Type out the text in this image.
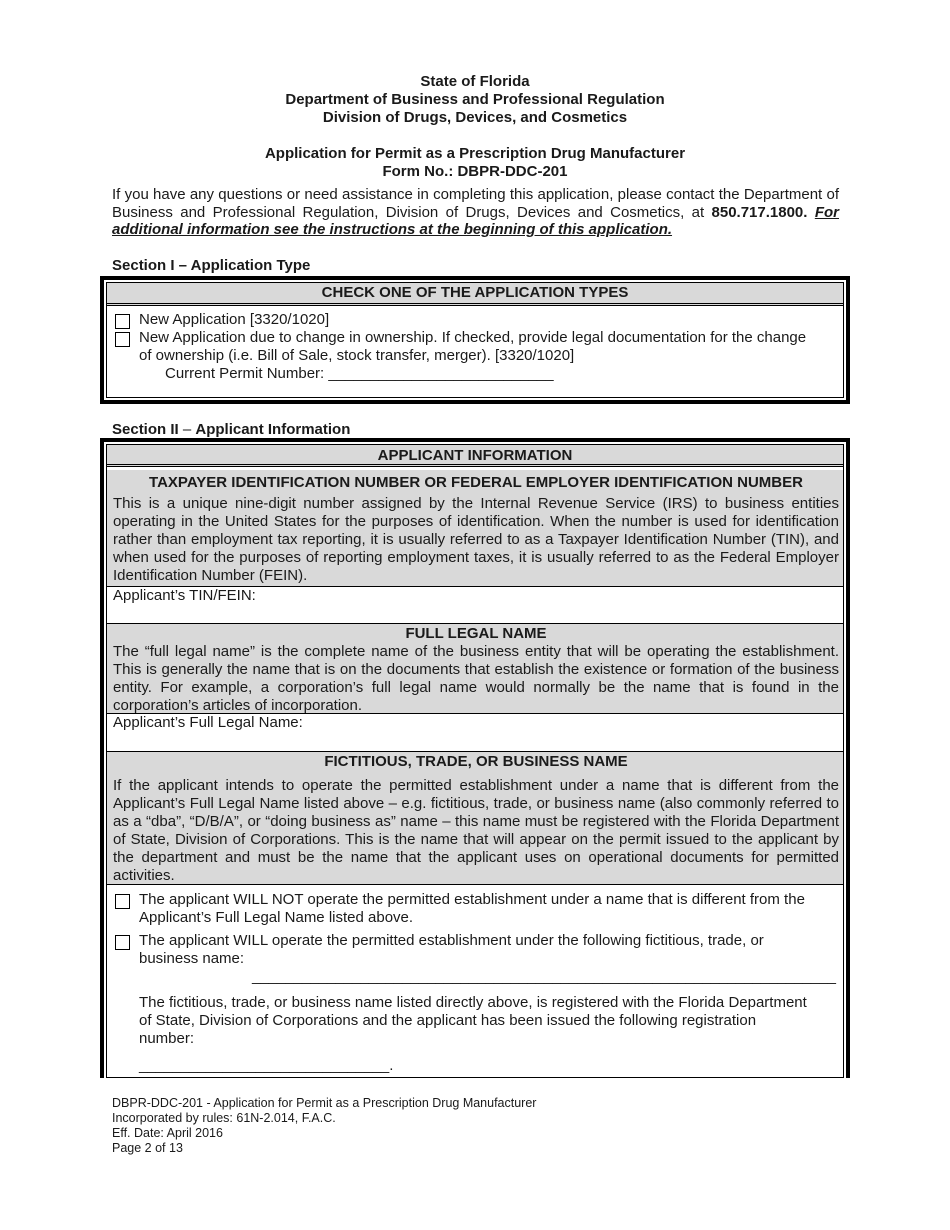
State of Florida
Department of Business and Professional Regulation
Division of Drugs, Devices, and Cosmetics
Application for Permit as a Prescription Drug Manufacturer
Form No.: DBPR-DDC-201
If you have any questions or need assistance in completing this application, please contact the Department of Business and Professional Regulation, Division of Drugs, Devices and Cosmetics, at 850.717.1800. For additional information see the instructions at the beginning of this application.
Section I – Application Type
CHECK ONE OF THE APPLICATION TYPES
New Application [3320/1020]
New Application due to change in ownership. If checked, provide legal documentation for the change
of ownership (i.e. Bill of Sale, stock transfer, merger). [3320/1020]
Current Permit Number: ___________________________
Section II – Applicant Information
APPLICANT INFORMATION

TAXPAYER IDENTIFICATION NUMBER OR FEDERAL EMPLOYER IDENTIFICATION NUMBER

This is a unique nine-digit number assigned by the Internal Revenue Service (IRS) to business entities operating in the United States for the purposes of identification. When the number is used for identification rather than employment tax reporting, it is usually referred to as a Taxpayer Identification Number (TIN), and when used for the purposes of reporting employment taxes, it is usually referred to as the Federal Employer Identification Number (FEIN).

Applicant’s TIN/FEIN:

FULL LEGAL NAME

The “full legal name” is the complete name of the business entity that will be operating the establishment. This is generally the name that is on the documents that establish the existence or formation of the business entity. For example, a corporation’s full legal name would normally be the name that is found in the corporation’s articles of incorporation.

Applicant’s Full Legal Name:

FICTITIOUS, TRADE, OR BUSINESS NAME

If the applicant intends to operate the permitted establishment under a name that is different from the Applicant’s Full Legal Name listed above – e.g. fictitious, trade, or business name (also commonly referred to as a “dba”, “D/B/A”, or “doing business as” name – this name must be registered with the Florida Department of State, Division of Corporations. This is the name that will appear on the permit issued to the applicant by the department and must be the name that the applicant uses on operational documents for permitted activities.

The applicant WILL NOT operate the permitted establishment under a name that is different from the
Applicant’s Full Legal Name listed above.
The applicant WILL operate the permitted establishment under the following fictitious, trade, or
business name:
______________________________________________________________________
The fictitious, trade, or business name listed directly above, is registered with the Florida Department
of State, Division of Corporations and the applicant has been issued the following registration
number:
______________________________.
DBPR-DDC-201 - Application for Permit as a Prescription Drug Manufacturer
Incorporated by rules: 61N-2.014, F.A.C.
Eff. Date: April 2016
Page 2 of 13
